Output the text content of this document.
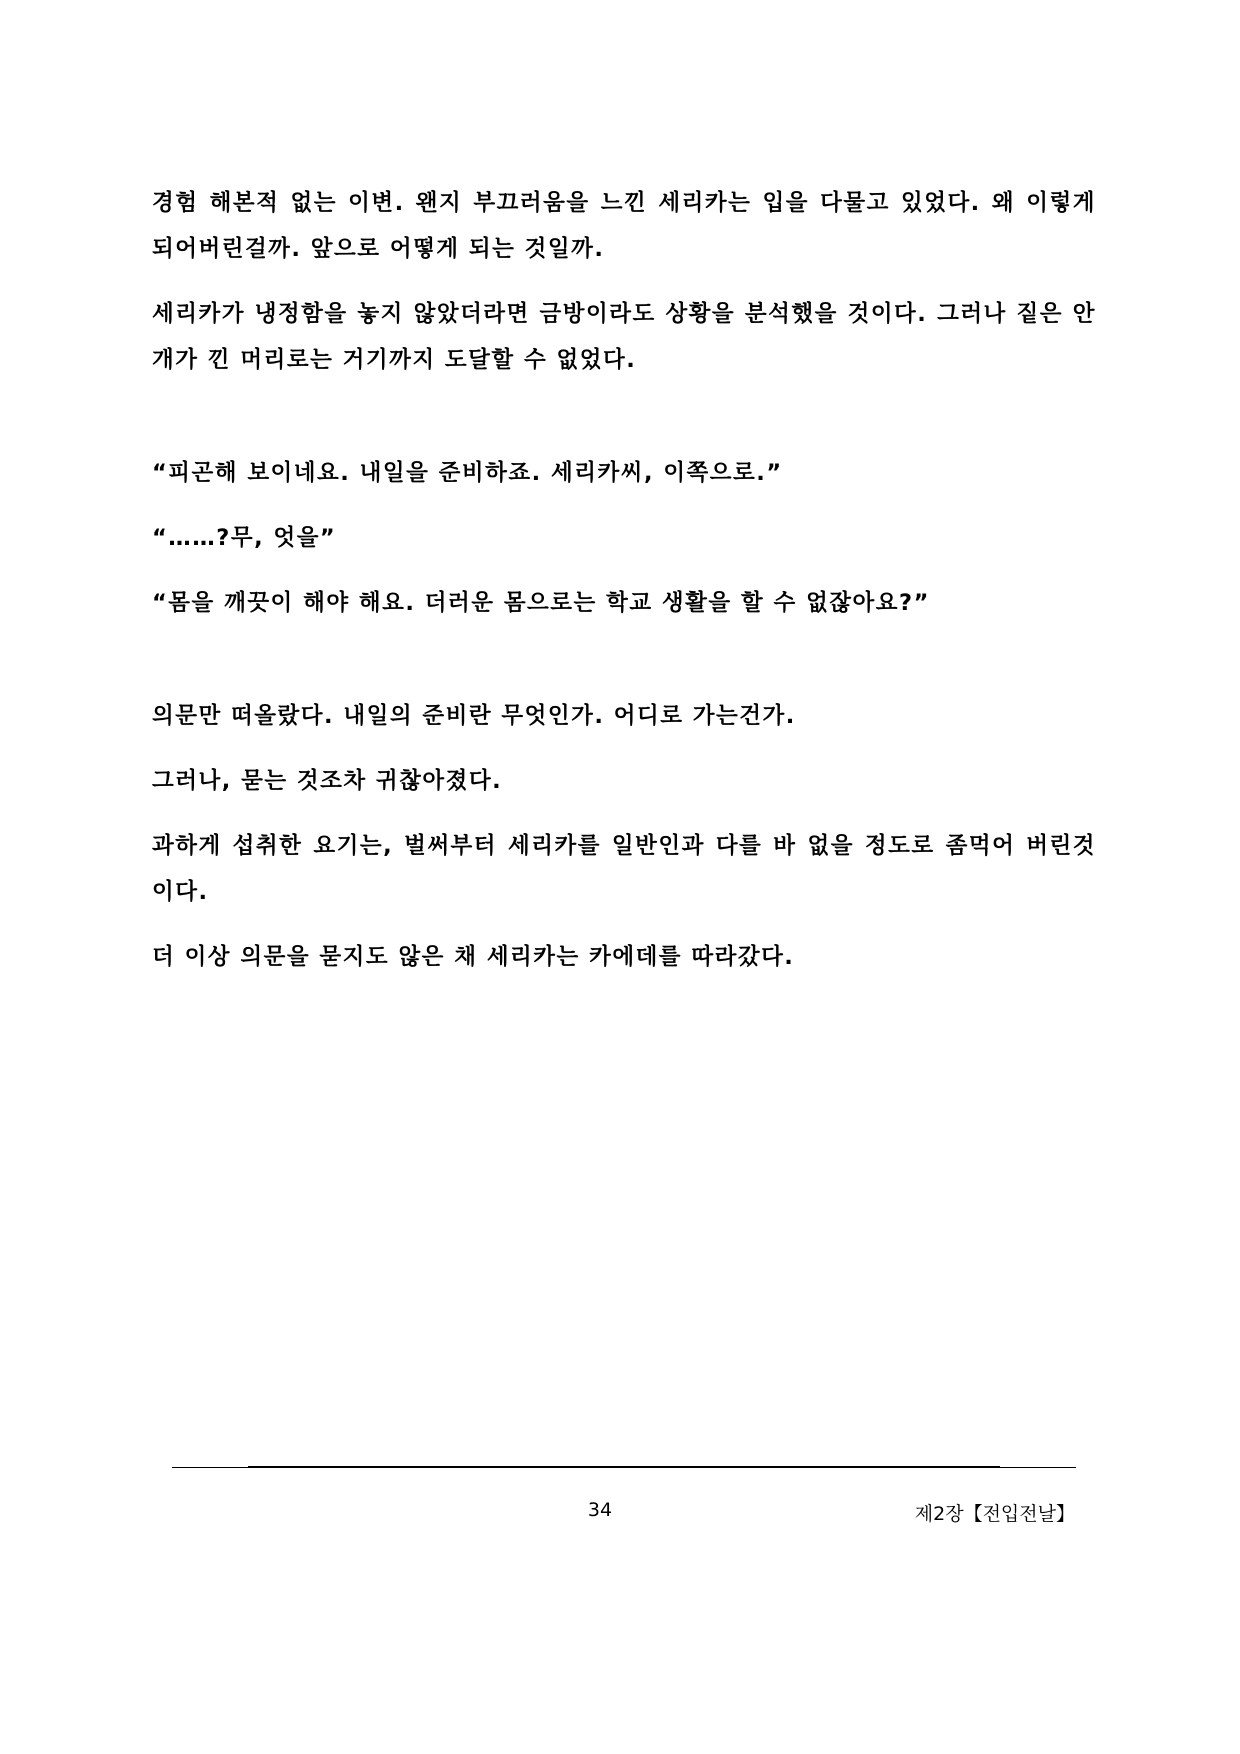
경험 해본적 없는 이변. 왠지 부끄러움을 느낀 세리카는 입을 다물고 있었다. 왜 이렇게 되어버린걸까. 앞으로 어떻게 되는 것일까.

세리카가 냉정함을 놓지 않았더라면 금방이라도 상황을 분석했을 것이다. 그러나 짙은 안개가 낀 머리로는 거기까지 도달할 수 없었다.

“피곤해 보이네요. 내일을 준비하죠. 세리카씨, 이쪽으로.”

“……?무, 엇을”

“몸을 깨끗이 해야 해요. 더러운 몸으로는 학교 생활을 할 수 없잖아요?”

의문만 떠올랐다. 내일의 준비란 무엇인가. 어디로 가는건가.

그러나, 묻는 것조차 귀찮아졌다.

과하게 섭취한 요기는, 벌써부터 세리카를 일반인과 다를 바 없을 정도로 좀먹어 버린것이다.

더 이상 의문을 묻지도 않은 채 세리카는 카에데를 따라갔다.

34	제2장【전입전날】
